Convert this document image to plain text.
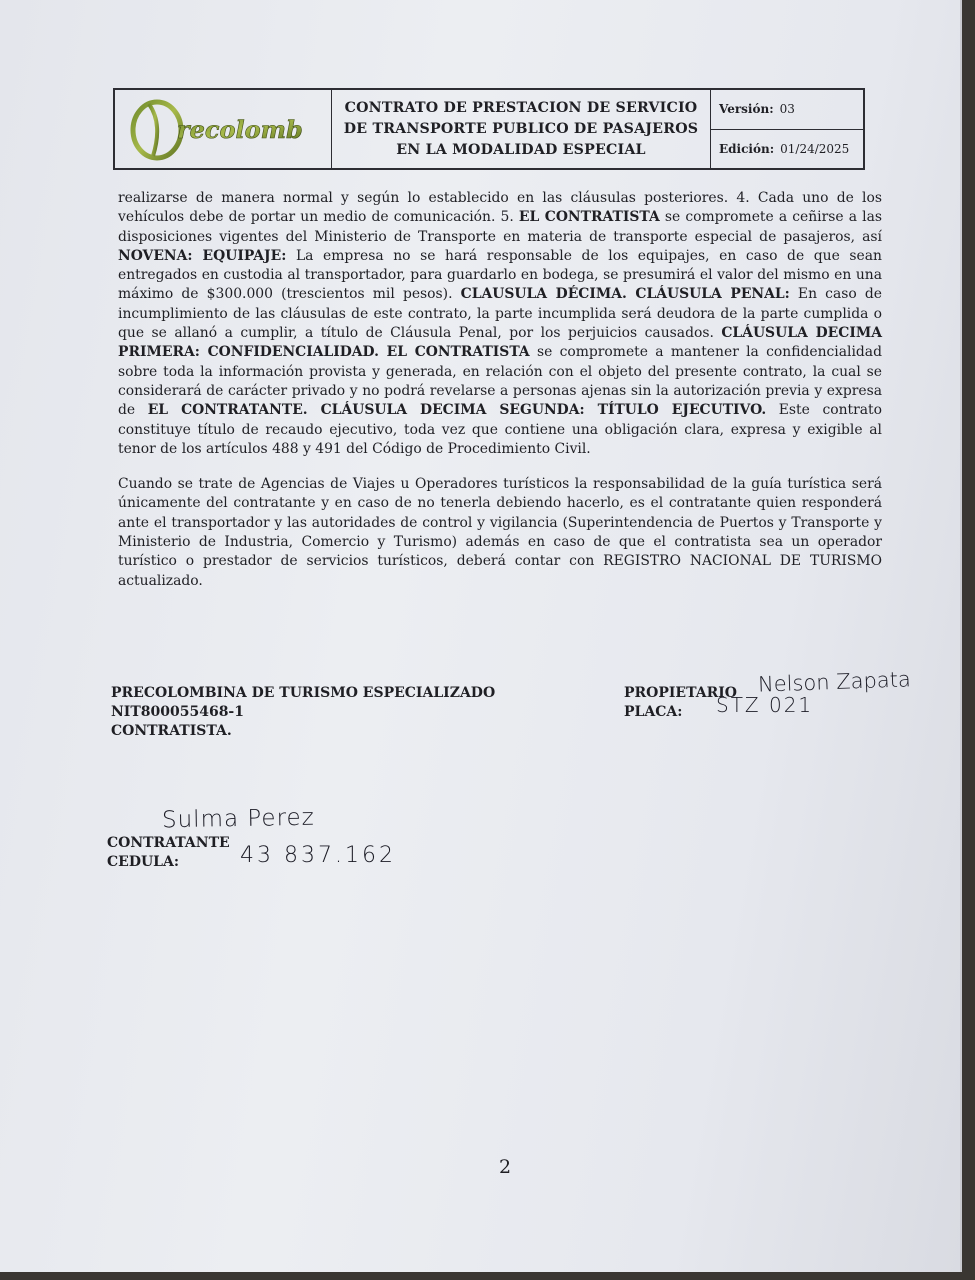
recolomb
CONTRATO DE PRESTACION DE SERVICIO DE TRANSPORTE PUBLICO DE PASAJEROS EN LA MODALIDAD ESPECIAL
Versión: 03
Edición: 01/24/2025

realizarse de manera normal y según lo establecido en las cláusulas posteriores. 4. Cada uno de los vehículos debe de portar un medio de comunicación. 5. EL CONTRATISTA se compromete a ceñirse a las disposiciones vigentes del Ministerio de Transporte en materia de transporte especial de pasajeros, así NOVENA: EQUIPAJE: La empresa no se hará responsable de los equipajes, en caso de que sean entregados en custodia al transportador, para guardarlo en bodega, se presumirá el valor del mismo en una máximo de $300.000 (trescientos mil pesos). CLAUSULA DÉCIMA. CLÁUSULA PENAL: En caso de incumplimiento de las cláusulas de este contrato, la parte incumplida será deudora de la parte cumplida o que se allanó a cumplir, a título de Cláusula Penal, por los perjuicios causados. CLÁUSULA DECIMA PRIMERA: CONFIDENCIALIDAD. EL CONTRATISTA se compromete a mantener la confidencialidad sobre toda la información provista y generada, en relación con el objeto del presente contrato, la cual se considerará de carácter privado y no podrá revelarse a personas ajenas sin la autorización previa y expresa de EL CONTRATANTE. CLÁUSULA DECIMA SEGUNDA: TÍTULO EJECUTIVO. Este contrato constituye título de recaudo ejecutivo, toda vez que contiene una obligación clara, expresa y exigible al tenor de los artículos 488 y 491 del Código de Procedimiento Civil.

Cuando se trate de Agencias de Viajes u Operadores turísticos la responsabilidad de la guía turística será únicamente del contratante y en caso de no tenerla debiendo hacerlo, es el contratante quien responderá ante el transportador y las autoridades de control y vigilancia (Superintendencia de Puertos y Transporte y Ministerio de Industria, Comercio y Turismo) además en caso de que el contratista sea un operador turístico o prestador de servicios turísticos, deberá contar con REGISTRO NACIONAL DE TURISMO actualizado.

PRECOLOMBINA DE TURISMO ESPECIALIZADO
NIT800055468-1
CONTRATISTA.
PROPIETARIO
PLACA:
Nelson Zapata
STZ 021
Sulma Perez
CONTRATANTE
CEDULA:	43 837.162
2
